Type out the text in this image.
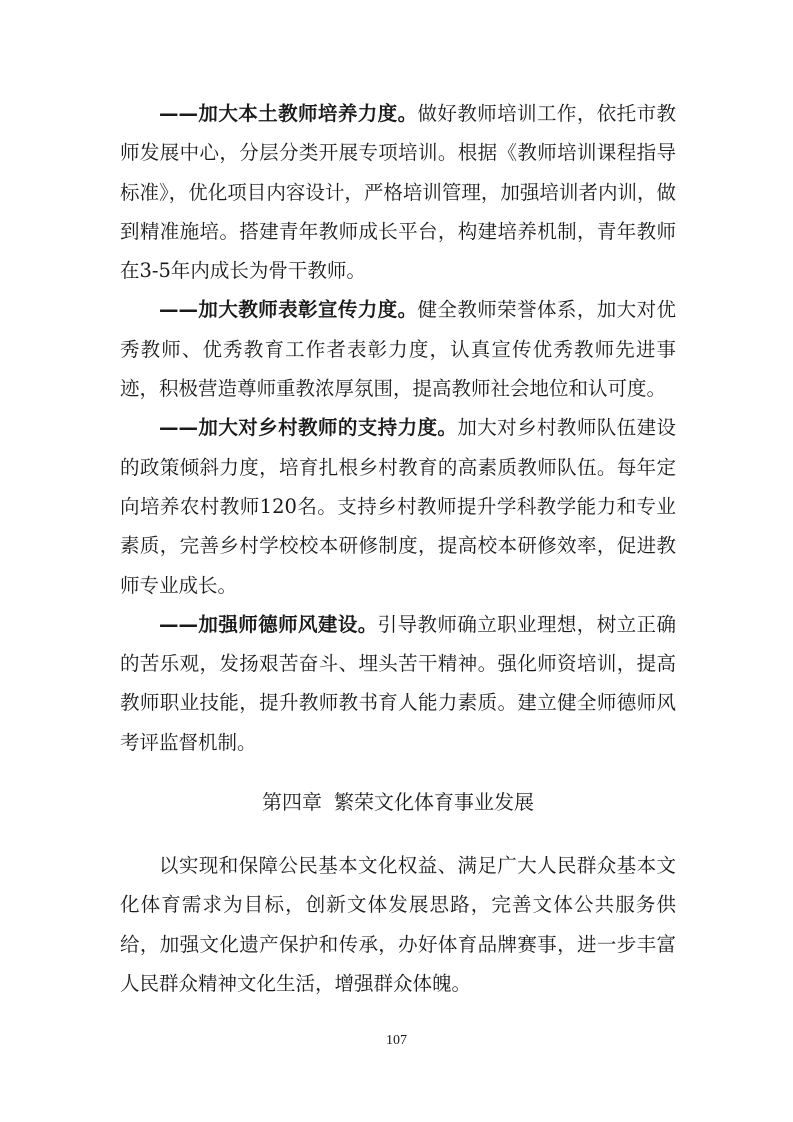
——加大本土教师培养力度。做好教师培训工作，依托市教师发展中心，分层分类开展专项培训。根据《教师培训课程指导标准》，优化项目内容设计，严格培训管理，加强培训者内训，做到精准施培。搭建青年教师成长平台，构建培养机制，青年教师在3-5年内成长为骨干教师。

——加大教师表彰宣传力度。健全教师荣誉体系，加大对优秀教师、优秀教育工作者表彰力度，认真宣传优秀教师先进事迹，积极营造尊师重教浓厚氛围，提高教师社会地位和认可度。

——加大对乡村教师的支持力度。加大对乡村教师队伍建设的政策倾斜力度，培育扎根乡村教育的高素质教师队伍。每年定向培养农村教师120名。支持乡村教师提升学科教学能力和专业素质，完善乡村学校校本研修制度，提高校本研修效率，促进教师专业成长。

——加强师德师风建设。引导教师确立职业理想，树立正确的苦乐观，发扬艰苦奋斗、埋头苦干精神。强化师资培训，提高教师职业技能，提升教师教书育人能力素质。建立健全师德师风考评监督机制。

第四章 繁荣文化体育事业发展

以实现和保障公民基本文化权益、满足广大人民群众基本文化体育需求为目标，创新文体发展思路，完善文体公共服务供给，加强文化遗产保护和传承，办好体育品牌赛事，进一步丰富人民群众精神文化生活，增强群众体魄。

107
